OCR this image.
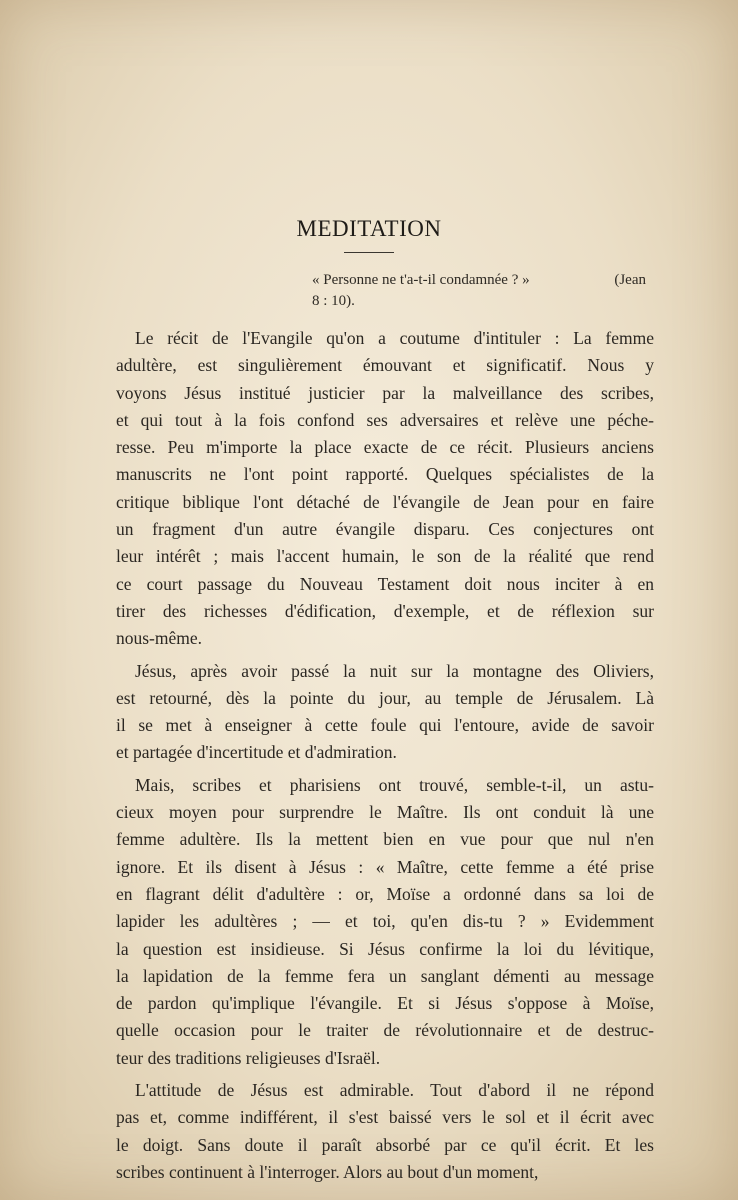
MEDITATION
« Personne ne t'a-t-il condamnée ? »	(Jean
8 : 10).
Le récit de l'Evangile qu'on a coutume d'intituler : La femme
adultère, est singulièrement émouvant et significatif. Nous y
voyons Jésus institué justicier par la malveillance des scribes,
et qui tout à la fois confond ses adversaires et relève une péche-
resse. Peu m'importe la place exacte de ce récit. Plusieurs anciens
manuscrits ne l'ont point rapporté. Quelques spécialistes de la
critique biblique l'ont détaché de l'évangile de Jean pour en faire
un fragment d'un autre évangile disparu. Ces conjectures ont
leur intérêt ; mais l'accent humain, le son de la réalité que rend
ce court passage du Nouveau Testament doit nous inciter à en
tirer des richesses d'édification, d'exemple, et de réflexion sur
nous-même.
Jésus, après avoir passé la nuit sur la montagne des Oliviers,
est retourné, dès la pointe du jour, au temple de Jérusalem. Là
il se met à enseigner à cette foule qui l'entoure, avide de savoir
et partagée d'incertitude et d'admiration.
Mais, scribes et pharisiens ont trouvé, semble-t-il, un astu-
cieux moyen pour surprendre le Maître. Ils ont conduit là une
femme adultère. Ils la mettent bien en vue pour que nul n'en
ignore. Et ils disent à Jésus : « Maître, cette femme a été prise
en flagrant délit d'adultère : or, Moïse a ordonné dans sa loi de
lapider les adultères ; — et toi, qu'en dis-tu ? » Evidemment
la question est insidieuse. Si Jésus confirme la loi du lévitique,
la lapidation de la femme fera un sanglant démenti au message
de pardon qu'implique l'évangile. Et si Jésus s'oppose à Moïse,
quelle occasion pour le traiter de révolutionnaire et de destruc-
teur des traditions religieuses d'Israël.
L'attitude de Jésus est admirable. Tout d'abord il ne répond
pas et, comme indifférent, il s'est baissé vers le sol et il écrit avec
le doigt. Sans doute il paraît absorbé par ce qu'il écrit. Et les
scribes continuent à l'interroger. Alors au bout d'un moment,
